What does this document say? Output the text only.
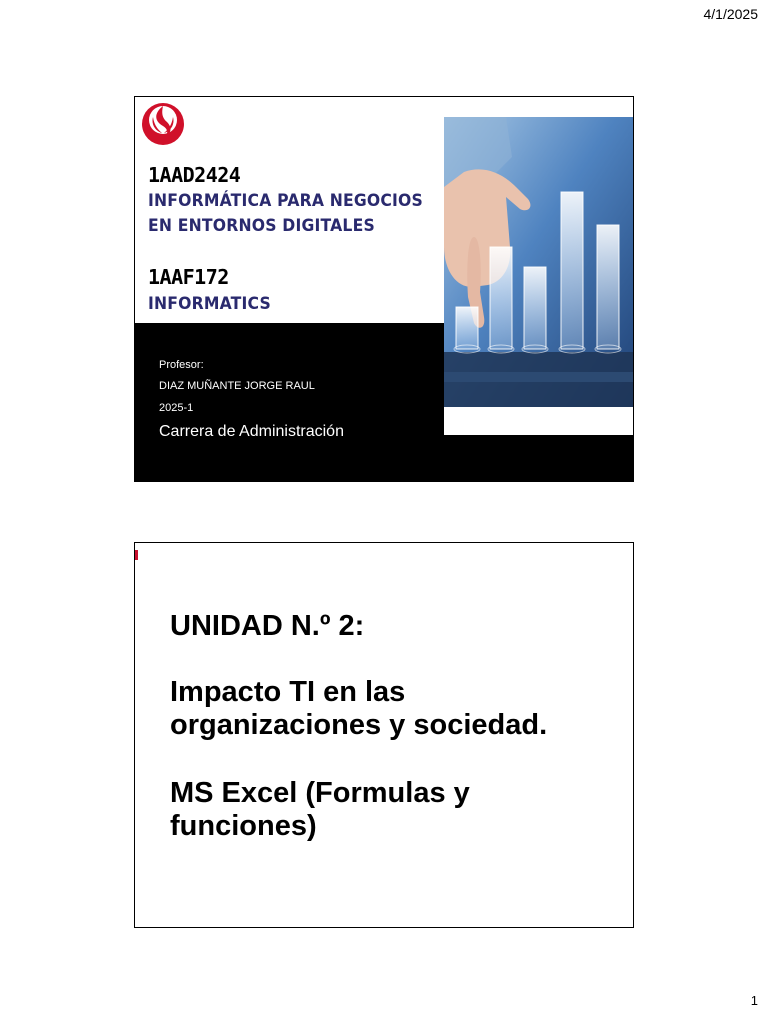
4/1/2025
1AAD2424
INFORMÁTICA PARA NEGOCIOS
EN ENTORNOS DIGITALES
1AAF172
INFORMATICS
Profesor:
DIAZ MUÑANTE JORGE RAUL
2025-1
Carrera de Administración
UNIDAD N.º 2:
Impacto TI en las
organizaciones y sociedad.
MS Excel (Formulas y
funciones)
1
